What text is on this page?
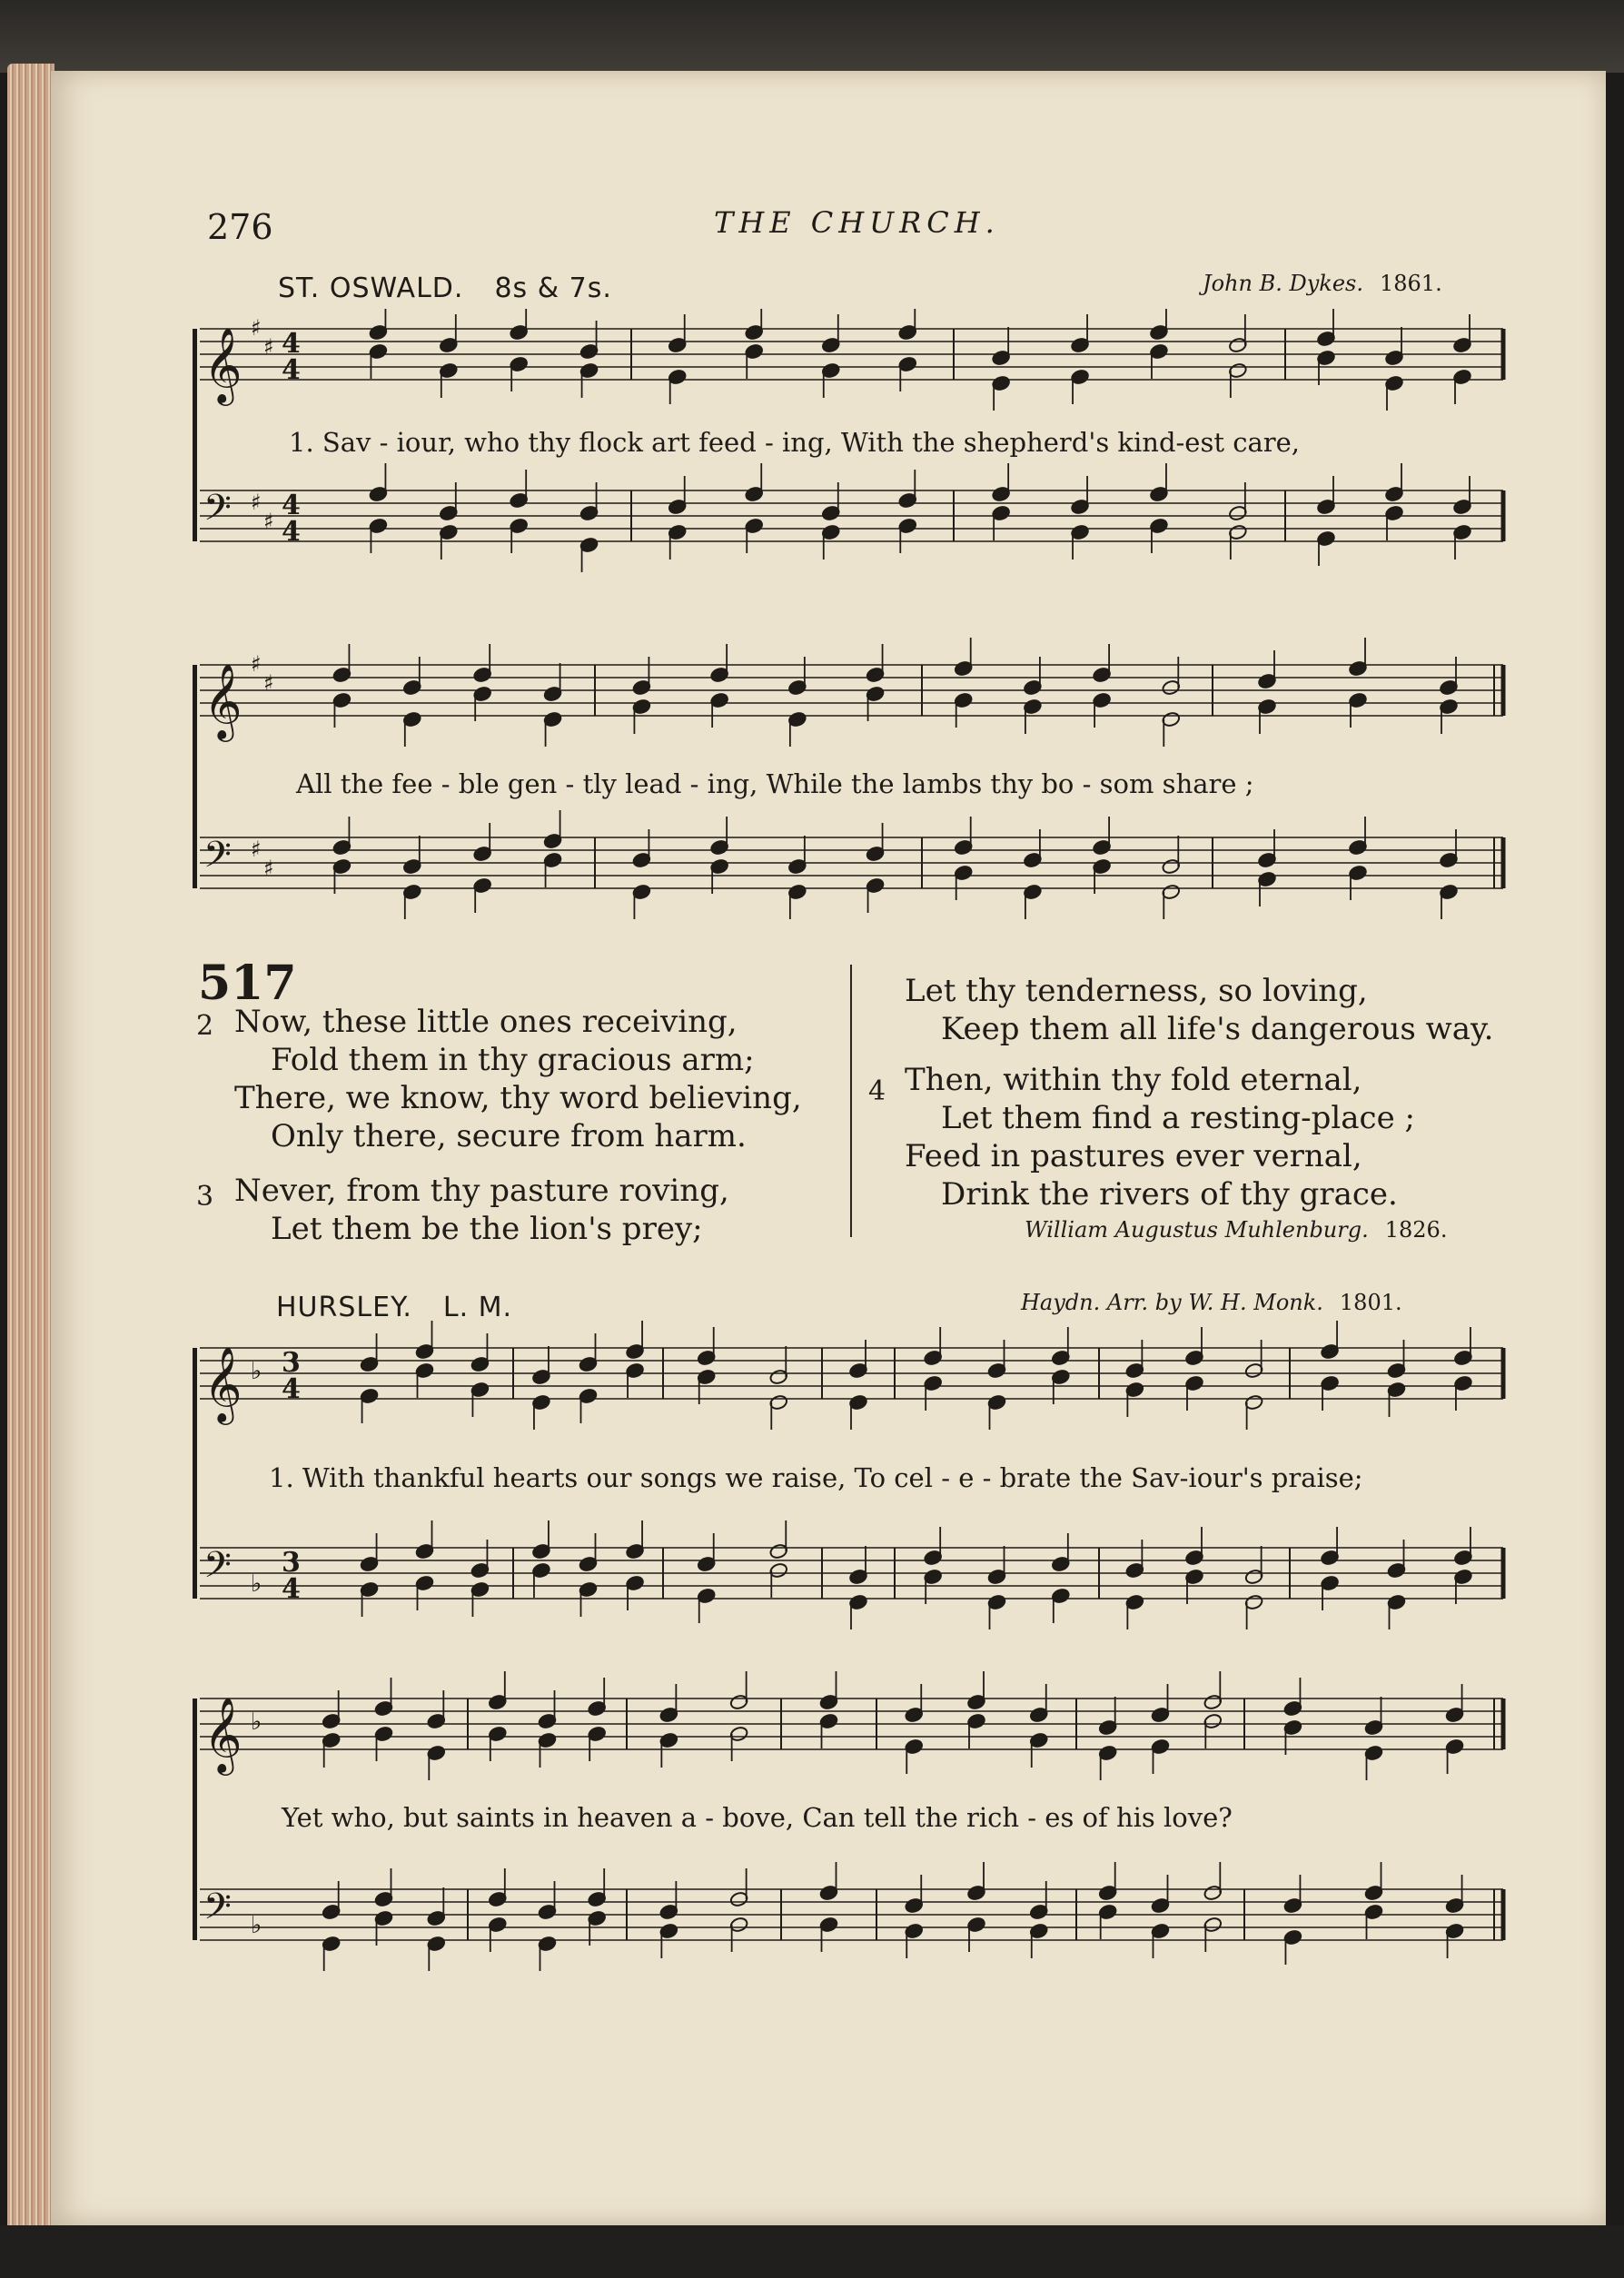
276	THE CHURCH.
ST. OSWALD. 8s & 7s.	John B. Dykes. 1861.
𝄞 ♯
♯ 4
4
𝄢 ♯
♯ 4
4
1. Sav - iour, who thy flock art feed - ing, With the shepherd's kind-est care,
𝄞 ♯
♯
𝄢 ♯
♯
All the fee - ble gen - tly lead - ing, While the lambs thy bo - som share ;
517
2 Now, these little ones receiving,
Fold them in thy gracious arm;
There, we know, thy word believing,
Only there, secure from harm.
3 Never, from thy pasture roving,
Let them be the lion's prey;
Let thy tenderness, so loving,
Keep them all life's dangerous way.
4 Then, within thy fold eternal,
Let them find a resting-place ;
Feed in pastures ever vernal,
Drink the rivers of thy grace.
William Augustus Muhlenburg. 1826.
HURSLEY. L. M.	Haydn. Arr. by W. H. Monk. 1801.
𝄞 ♭ 3
4
𝄢 ♭
3
4
1. With thankful hearts our songs we raise, To cel - e - brate the Sav-iour's praise;
𝄞 ♭
𝄢 ♭
Yet who, but saints in heaven a - bove, Can tell the rich - es of his love?
